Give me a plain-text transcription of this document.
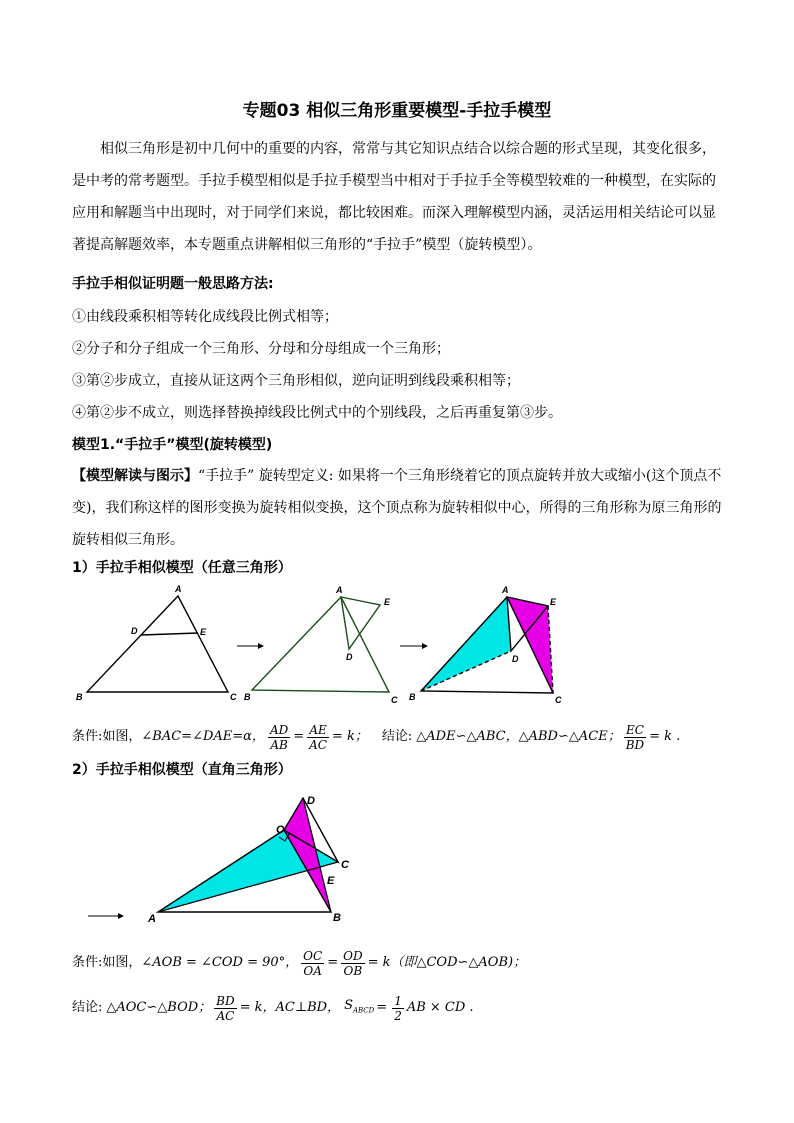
专题03 相似三角形重要模型-手拉手模型
相似三角形是初中几何中的重要的内容，常常与其它知识点结合以综合题的形式呈现，其变化很多，
是中考的常考题型。手拉手模型相似是手拉手模型当中相对于手拉手全等模型较难的一种模型，在实际的
应用和解题当中出现时，对于同学们来说，都比较困难。而深入理解模型内涵，灵活运用相关结论可以显
著提高解题效率，本专题重点讲解相似三角形的“手拉手”模型（旋转模型）。
手拉手相似证明题一般思路方法:
①由线段乘积相等转化成线段比例式相等；
②分子和分子组成一个三角形、分母和分母组成一个三角形；
③第②步成立，直接从证这两个三角形相似，逆向证明到线段乘积相等；
④第②步不成立，则选择替换掉线段比例式中的个别线段，之后再重复第③步。
模型1.“手拉手”模型(旋转模型)
【模型解读与图示】“手拉手” 旋转型定义: 如果将一个三角形绕着它的顶点旋转并放大或缩小(这个顶点不
变)，我们称这样的图形变换为旋转相似变换，这个顶点称为旋转相似中心，所得的三角形称为原三角形的
旋转相似三角形。
1）手拉手相似模型（任意三角形）
A
D	E
B	C
A
E
D
B	C
A
E
D
B	C
条件:如图， ∠BAC=∠DAE=α， $\frac{AD}{AB} = \frac{AE}{AC} = k$； 结论: △ADE∽△ABC，△ABD∽△ACE； $\frac{EC}{BD} = k$ .
2）手拉手相似模型（直角三角形）
D
O
C
E
A	B
条件:如图， ∠AOB = ∠COD = 90°， $\frac{OC}{OA} = \frac{OD}{OB} = k$（即△COD∽△AOB)；
结论: △AOC∽△BOD； $\frac{BD}{AC} = k$，AC⊥BD， $S_{ABCD} = \frac{1}{2}$ AB × CD .
